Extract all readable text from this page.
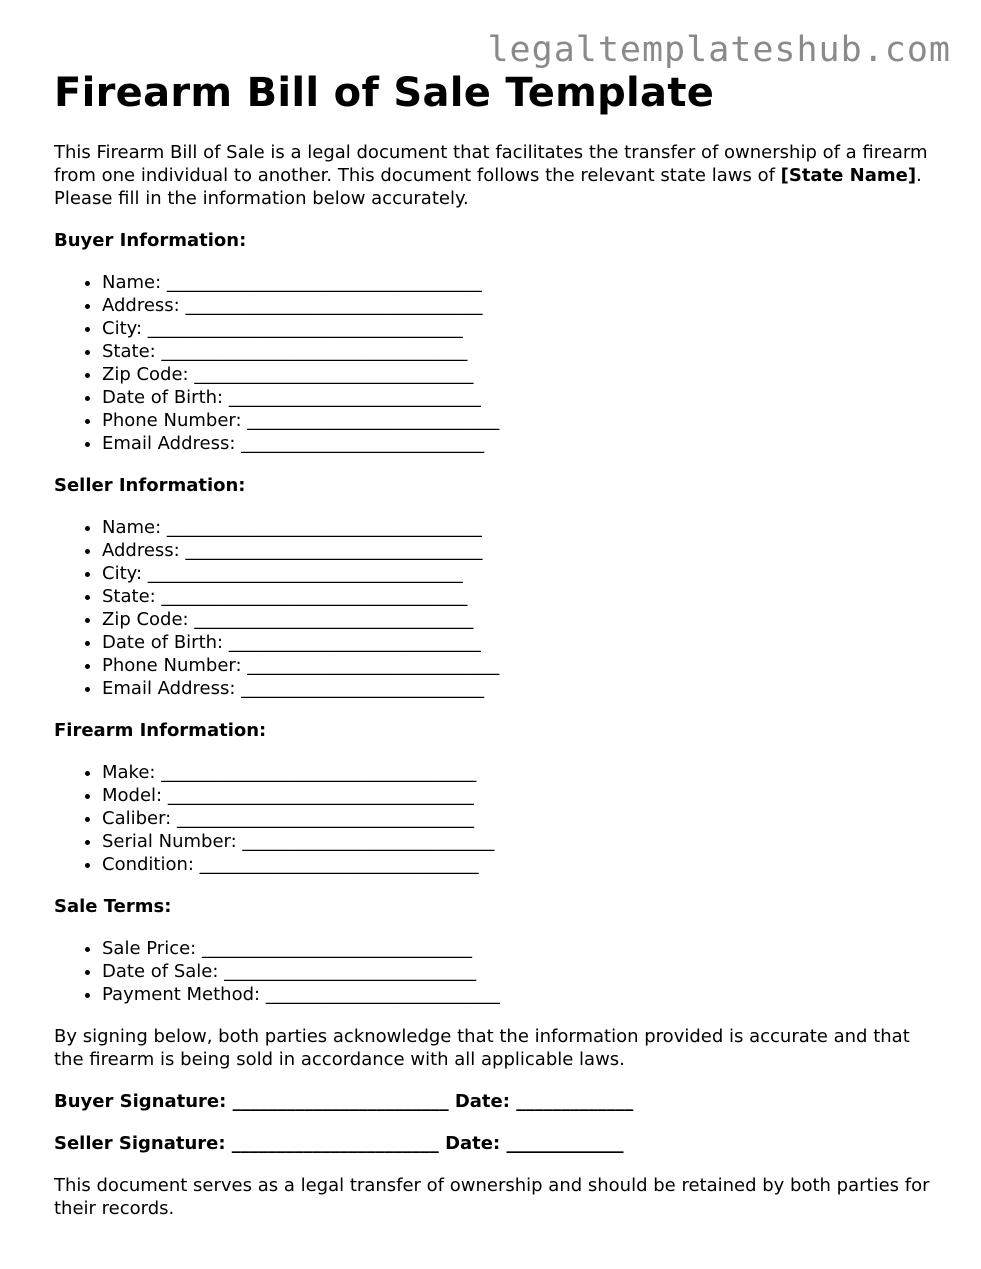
legaltemplateshub.com
Firearm Bill of Sale Template

This Firearm Bill of Sale is a legal document that facilitates the transfer of ownership of a firearm from one individual to another. This document follows the relevant state laws of [State Name]. Please fill in the information below accurately.

Buyer Information:
• Name: ___________________________________
• Address: _________________________________
• City: ___________________________________
• State: __________________________________
• Zip Code: _______________________________
• Date of Birth: ____________________________
• Phone Number: ____________________________
• Email Address: ___________________________
Seller Information:
• Name: ___________________________________
• Address: _________________________________
• City: ___________________________________
• State: __________________________________
• Zip Code: _______________________________
• Date of Birth: ____________________________
• Phone Number: ____________________________
• Email Address: ___________________________
Firearm Information:
• Make: ___________________________________
• Model: __________________________________
• Caliber: _________________________________
• Serial Number: ____________________________
• Condition: _______________________________
Sale Terms:
• Sale Price: ______________________________
• Date of Sale: ____________________________
• Payment Method: __________________________

By signing below, both parties acknowledge that the information provided is accurate and that the firearm is being sold in accordance with all applicable laws.

Buyer Signature: ________________________ Date: _____________
Seller Signature: _______________________ Date: _____________

This document serves as a legal transfer of ownership and should be retained by both parties for their records.
